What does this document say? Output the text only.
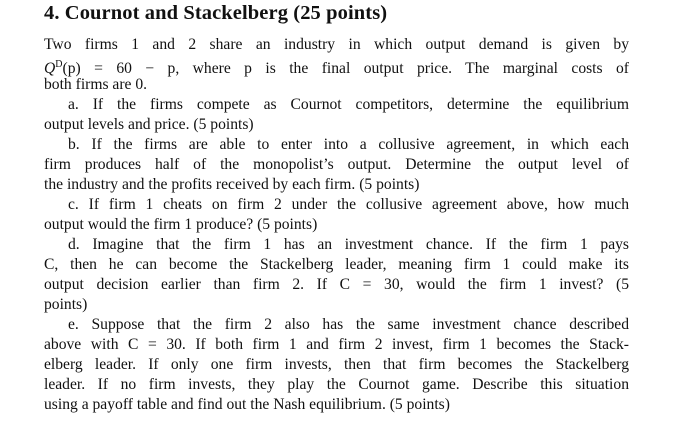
4. Cournot and Stackelberg (25 points)
Two firms 1 and 2 share an industry in which output demand is given by
$Q^D(p) = 60 - p$, where p is the final output price. The marginal costs of
both firms are 0.
a. If the firms compete as Cournot competitors, determine the equilibrium
output levels and price. (5 points)
b. If the firms are able to enter into a collusive agreement, in which each
firm produces half of the monopolist’s output. Determine the output level of
the industry and the profits received by each firm. (5 points)
c. If firm 1 cheats on firm 2 under the collusive agreement above, how much
output would the firm 1 produce? (5 points)
d. Imagine that the firm 1 has an investment chance. If the firm 1 pays
C, then he can become the Stackelberg leader, meaning firm 1 could make its
output decision earlier than firm 2. If C = 30, would the firm 1 invest? (5
points)
e. Suppose that the firm 2 also has the same investment chance described
above with C = 30. If both firm 1 and firm 2 invest, firm 1 becomes the Stack-
elberg leader. If only one firm invests, then that firm becomes the Stackelberg
leader. If no firm invests, they play the Cournot game. Describe this situation
using a payoff table and find out the Nash equilibrium. (5 points)
